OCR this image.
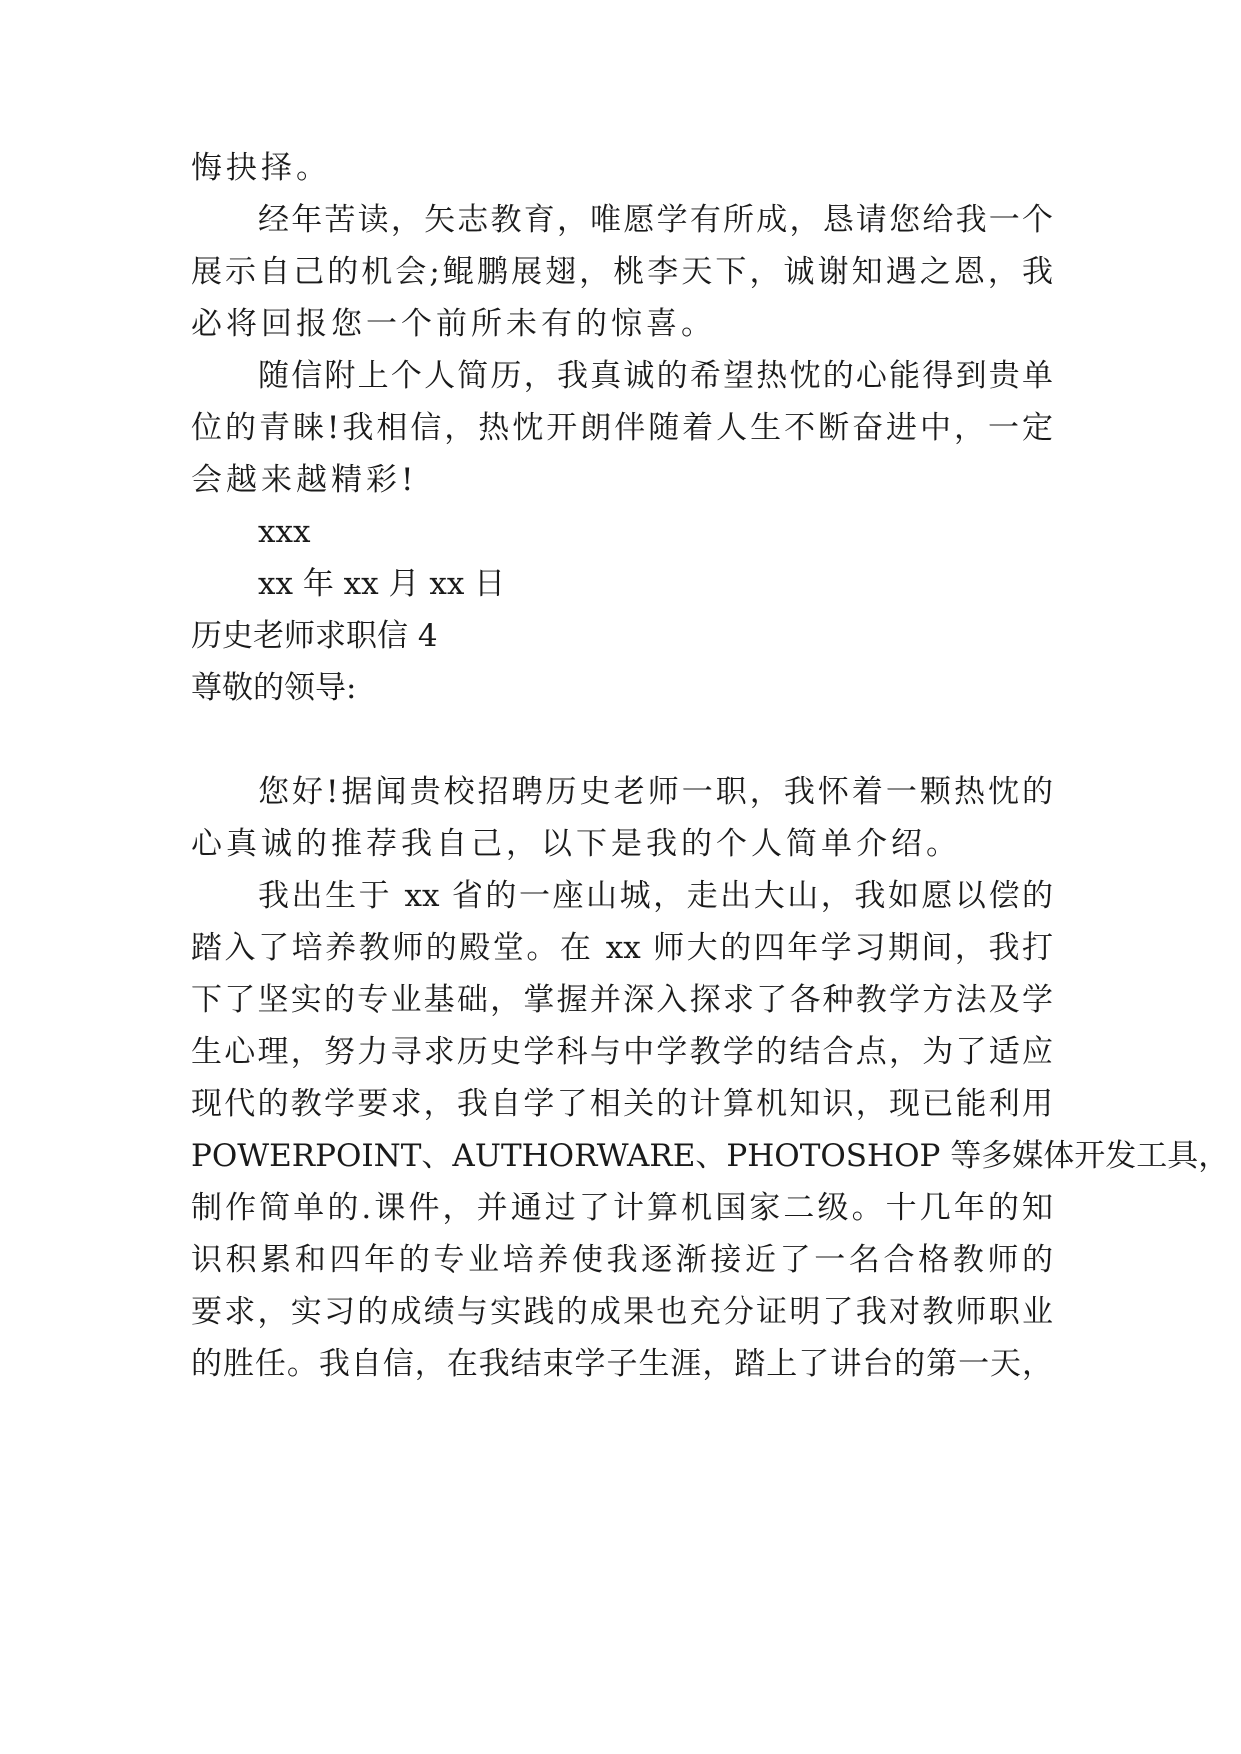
悔抉择。
经年苦读，矢志教育，唯愿学有所成，恳请您给我一个
展示自己的机会;鲲鹏展翅，桃李天下，诚谢知遇之恩，我
必将回报您一个前所未有的惊喜。
随信附上个人简历，我真诚的希望热忱的心能得到贵单
位的青睐!我相信，热忱开朗伴随着人生不断奋进中，一定
会越来越精彩!
xxx
xx 年 xx 月 xx 日
历史老师求职信 4
尊敬的领导:
您好!据闻贵校招聘历史老师一职，我怀着一颗热忱的
心真诚的推荐我自己，以下是我的个人简单介绍。
我出生于 xx 省的一座山城，走出大山，我如愿以偿的
踏入了培养教师的殿堂。在 xx 师大的四年学习期间，我打
下了坚实的专业基础，掌握并深入探求了各种教学方法及学
生心理，努力寻求历史学科与中学教学的结合点，为了适应
现代的教学要求，我自学了相关的计算机知识，现已能利用
POWERPOINT、AUTHORWARE、PHOTOSHOP 等多媒体开发工具，
制作简单的.课件，并通过了计算机国家二级。十几年的知
识积累和四年的专业培养使我逐渐接近了一名合格教师的
要求，实习的成绩与实践的成果也充分证明了我对教师职业
的胜任。我自信，在我结束学子生涯，踏上了讲台的第一天，
